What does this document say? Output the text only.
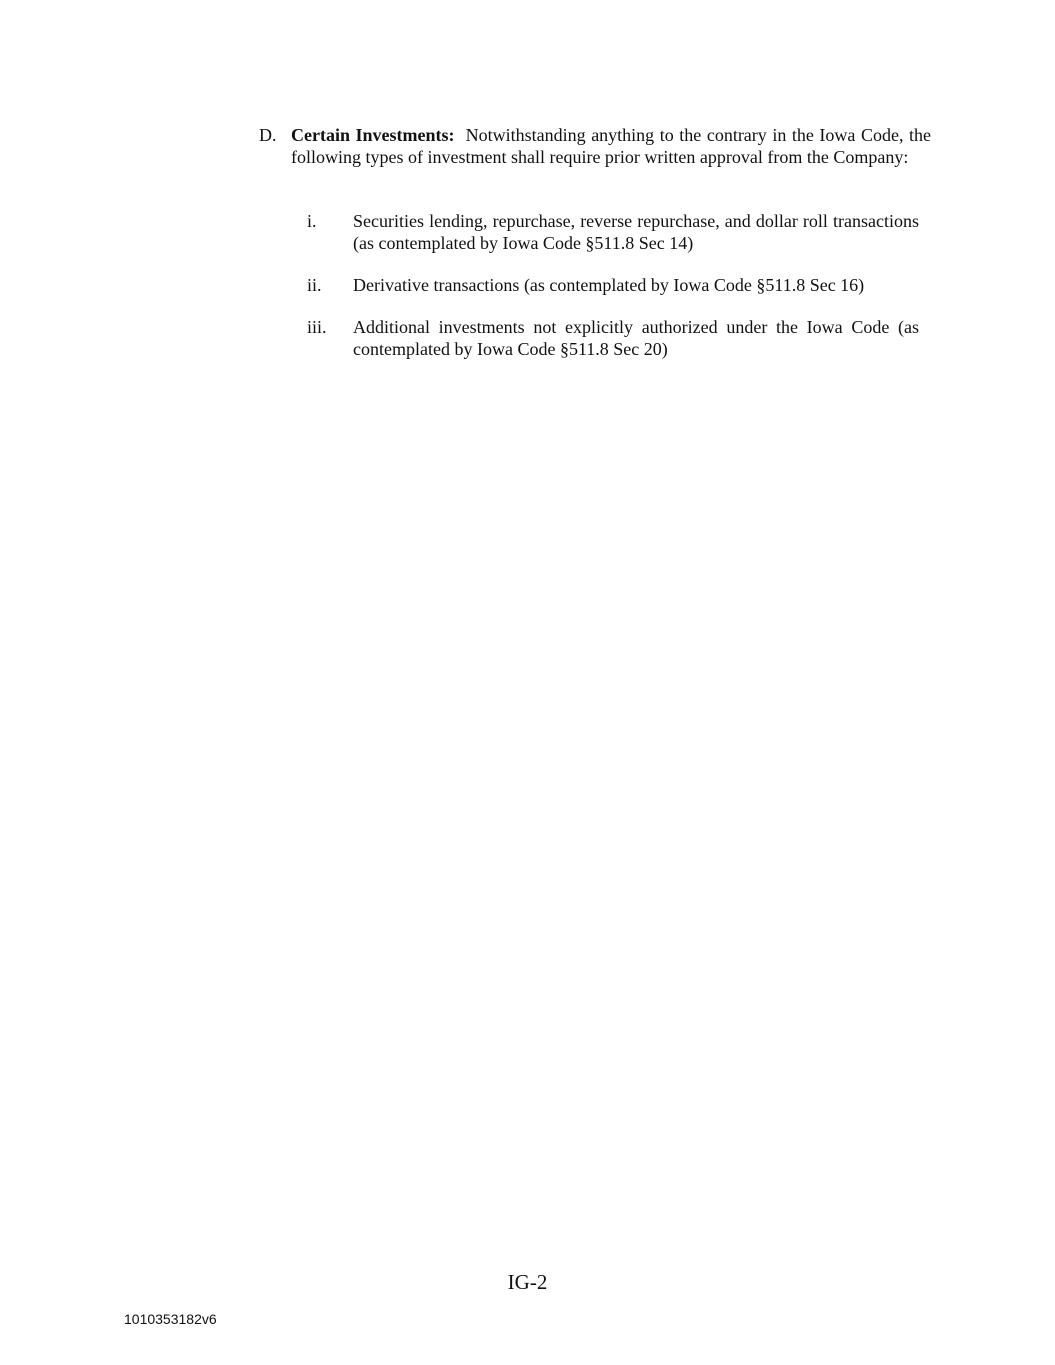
D. Certain Investments: Notwithstanding anything to the contrary in the Iowa Code, the following types of investment shall require prior written approval from the Company:
i. Securities lending, repurchase, reverse repurchase, and dollar roll transactions (as contemplated by Iowa Code §511.8 Sec 14)
ii. Derivative transactions (as contemplated by Iowa Code §511.8 Sec 16)
iii. Additional investments not explicitly authorized under the Iowa Code (as contemplated by Iowa Code §511.8 Sec 20)
IG-2
1010353182v6
